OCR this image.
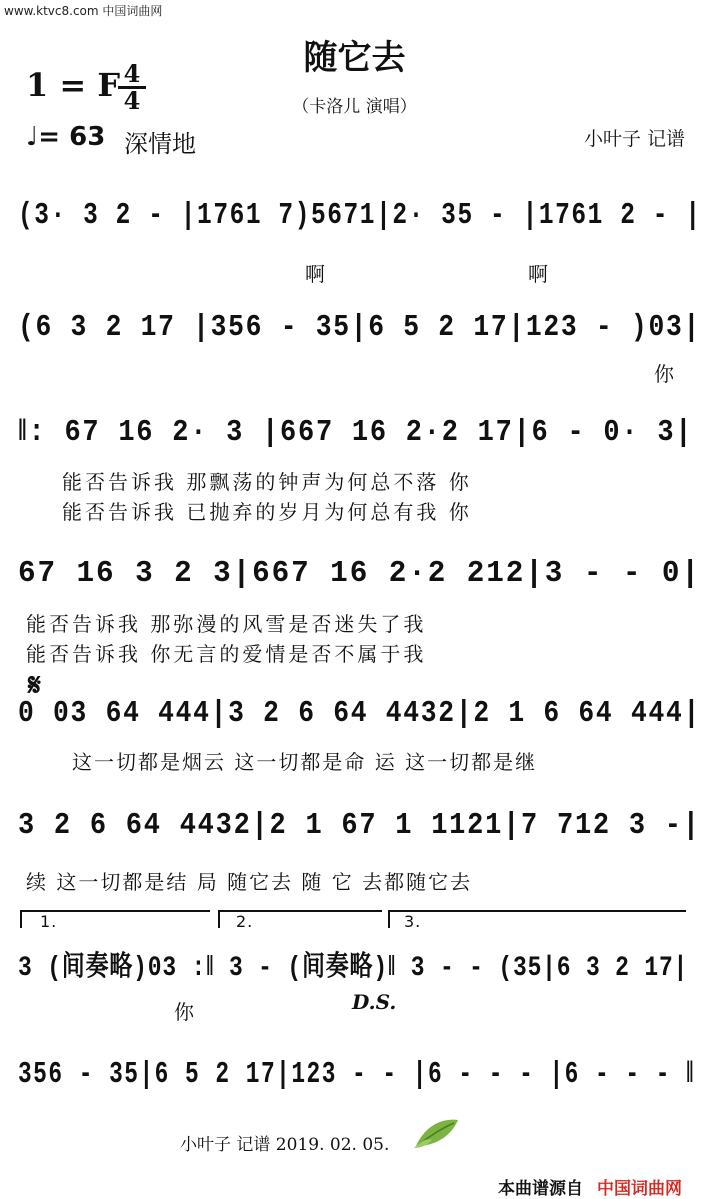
www.ktvc8.com 中国词曲网
随它去
（卡洛儿 演唱）
1 = F 4
4
♩= 63 深情地	小叶子 记谱
(3· 3 2 - |1761 7)5671|2· 35 - |1761 2 - |
啊	啊
(6 3 2 17 |356 - 35|6 5 2 17|123 - )03|
你
‖: 67 16 2· 3 |667 16 2·2 17|6 - 0· 3|
能否告诉我 那飘荡的钟声为何总不落 你
能否告诉我 已抛弃的岁月为何总有我 你
67 16 3 2 3|667 16 2·2 212|3 - - 0|
能否告诉我 那弥漫的风雪是否迷失了我
能否告诉我 你无言的爱情是否不属于我
𝄋
0 03 64 444|3 2 6 64 4432|2 1 6 64 444|
这一切都是烟云 这一切都是命 运 这一切都是继
3 2 6 64 4432|2 1 67 1 1121|7 712 3 -|
续 这一切都是结 局 随它去 随 它 去都随它去
1.	2.	3.
3 (间奏略)03 :‖ 3 - (间奏略)‖ 3 - - (35|6 3 2 17|
你	D.S.
356 - 35|6 5 2 17|123 - - |6 - - - |6 - - - ‖
小叶子 记谱 2019. 02. 05.
本曲谱源自 中国词曲网
